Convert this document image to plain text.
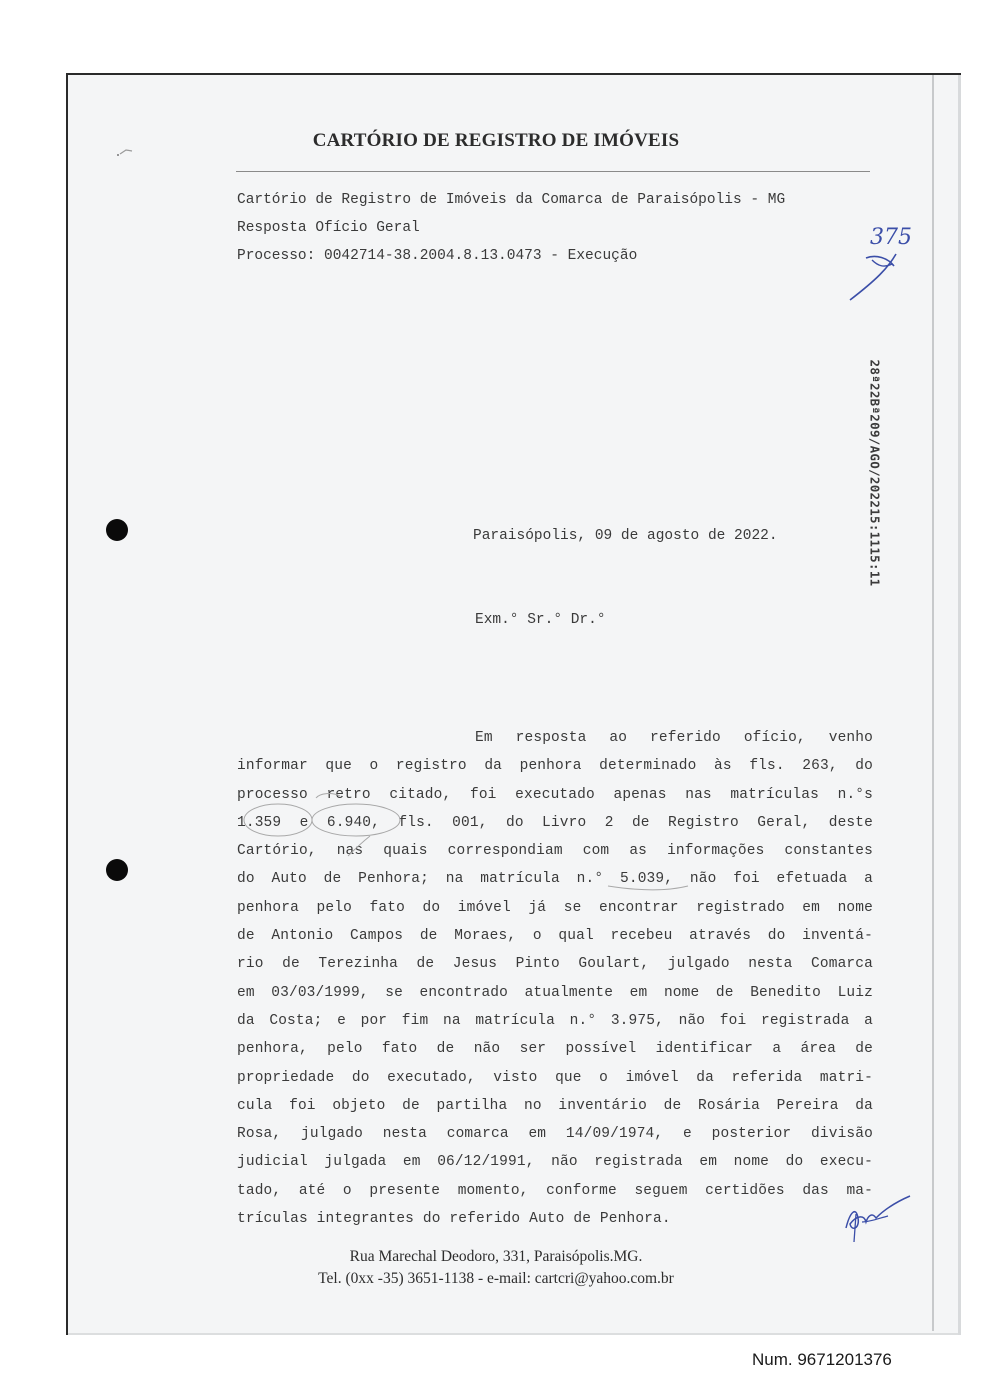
CARTÓRIO DE REGISTRO DE IMÓVEIS
Cartório de Registro de Imóveis da Comarca de Paraisópolis - MG
Resposta Ofício Geral
Processo: 0042714-38.2004.8.13.0473 - Execução
375
28ª22Bª209/AGO/202215:1115:11
Paraisópolis, 09 de agosto de 2022.
Exm.° Sr.° Dr.°
Em resposta ao referido ofício, venho
informar que o registro da penhora determinado às fls. 263, do
processo retro citado, foi executado apenas nas matrículas n.°s
1.359 e 6.940, fls. 001, do Livro 2 de Registro Geral, deste
Cartório, nas quais correspondiam com as informações constantes
do Auto de Penhora; na matrícula n.° 5.039, não foi efetuada a
penhora pelo fato do imóvel já se encontrar registrado em nome
de Antonio Campos de Moraes, o qual recebeu através do inventá-
rio de Terezinha de Jesus Pinto Goulart, julgado nesta Comarca
em 03/03/1999, se encontrado atualmente em nome de Benedito Luiz
da Costa; e por fim na matrícula n.° 3.975, não foi registrada a
penhora, pelo fato de não ser possível identificar a área de
propriedade do executado, visto que o imóvel da referida matri-
cula foi objeto de partilha no inventário de Rosária Pereira da
Rosa, julgado nesta comarca em 14/09/1974, e posterior divisão
judicial julgada em 06/12/1991, não registrada em nome do execu-
tado, até o presente momento, conforme seguem certidões das ma-
trículas integrantes do referido Auto de Penhora.
Rua Marechal Deodoro, 331, Paraisópolis.MG.
Tel. (0xx -35) 3651-1138 - e-mail: cartcri@yahoo.com.br
Num. 9671201376
